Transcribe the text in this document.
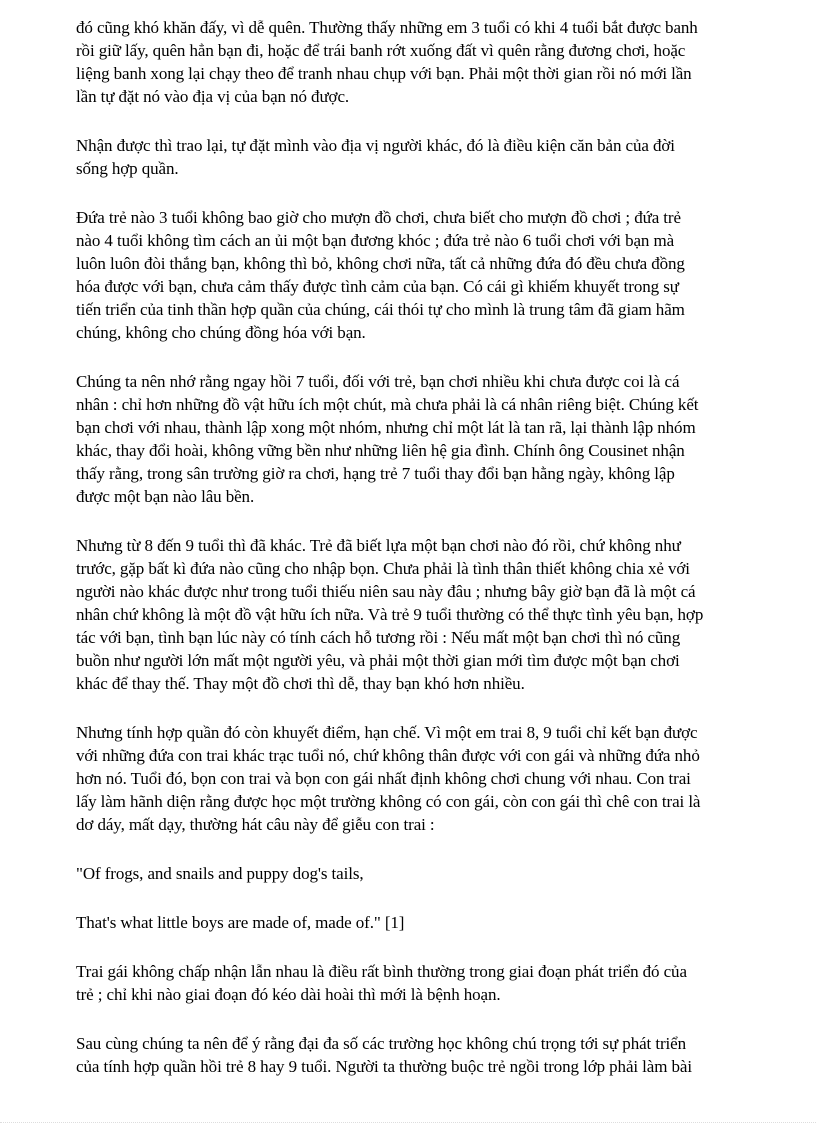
đó cũng khó khăn đấy, vì dễ quên. Thường thấy những em 3 tuổi có khi 4 tuổi bắt được banh
rồi giữ lấy, quên hẳn bạn đi, hoặc để trái banh rớt xuống đất vì quên rằng đương chơi, hoặc
liệng banh xong lại chạy theo để tranh nhau chụp với bạn. Phải một thời gian rồi nó mới lần
lần tự đặt nó vào địa vị của bạn nó được.

Nhận được thì trao lại, tự đặt mình vào địa vị người khác, đó là điều kiện căn bản của đời
sống hợp quần.

Đứa trẻ nào 3 tuổi không bao giờ cho mượn đồ chơi, chưa biết cho mượn đồ chơi ; đứa trẻ
nào 4 tuổi không tìm cách an ủi một bạn đương khóc ; đứa trẻ nào 6 tuổi chơi với bạn mà
luôn luôn đòi thắng bạn, không thì bỏ, không chơi nữa, tất cả những đứa đó đều chưa đồng
hóa được với bạn, chưa cảm thấy được tình cảm của bạn. Có cái gì khiếm khuyết trong sự
tiến triển của tinh thần hợp quần của chúng, cái thói tự cho mình là trung tâm đã giam hãm
chúng, không cho chúng đồng hóa với bạn.

Chúng ta nên nhớ rằng ngay hồi 7 tuổi, đối với trẻ, bạn chơi nhiều khi chưa được coi là cá
nhân : chỉ hơn những đồ vật hữu ích một chút, mà chưa phải là cá nhân riêng biệt. Chúng kết
bạn chơi với nhau, thành lập xong một nhóm, nhưng chỉ một lát là tan rã, lại thành lập nhóm
khác, thay đổi hoài, không vững bền như những liên hệ gia đình. Chính ông Cousinet nhận
thấy rằng, trong sân trường giờ ra chơi, hạng trẻ 7 tuổi thay đổi bạn hằng ngày, không lập
được một bạn nào lâu bền.

Nhưng từ 8 đến 9 tuổi thì đã khác. Trẻ đã biết lựa một bạn chơi nào đó rồi, chứ không như
trước, gặp bất kì đứa nào cũng cho nhập bọn. Chưa phải là tình thân thiết không chia xẻ với
người nào khác được như trong tuổi thiếu niên sau này đâu ; nhưng bây giờ bạn đã là một cá
nhân chứ không là một đồ vật hữu ích nữa. Và trẻ 9 tuổi thường có thể thực tình yêu bạn, hợp
tác với bạn, tình bạn lúc này có tính cách hỗ tương rồi : Nếu mất một bạn chơi thì nó cũng
buồn như người lớn mất một người yêu, và phải một thời gian mới tìm được một bạn chơi
khác để thay thế. Thay một đồ chơi thì dễ, thay bạn khó hơn nhiều.

Nhưng tính hợp quần đó còn khuyết điểm, hạn chế. Vì một em trai 8, 9 tuổi chỉ kết bạn được
với những đứa con trai khác trạc tuổi nó, chứ không thân được với con gái và những đứa nhỏ
hơn nó. Tuổi đó, bọn con trai và bọn con gái nhất định không chơi chung với nhau. Con trai
lấy làm hãnh diện rằng được học một trường không có con gái, còn con gái thì chê con trai là
dơ dáy, mất dạy, thường hát câu này để giễu con trai :

"Of frogs, and snails and puppy dog's tails,

That's what little boys are made of, made of." [1]

Trai gái không chấp nhận lẫn nhau là điều rất bình thường trong giai đoạn phát triển đó của
trẻ ; chỉ khi nào giai đoạn đó kéo dài hoài thì mới là bệnh hoạn.

Sau cùng chúng ta nên để ý rằng đại đa số các trường học không chú trọng tới sự phát triển
của tính hợp quần hồi trẻ 8 hay 9 tuổi. Người ta thường buộc trẻ ngồi trong lớp phải làm bài
